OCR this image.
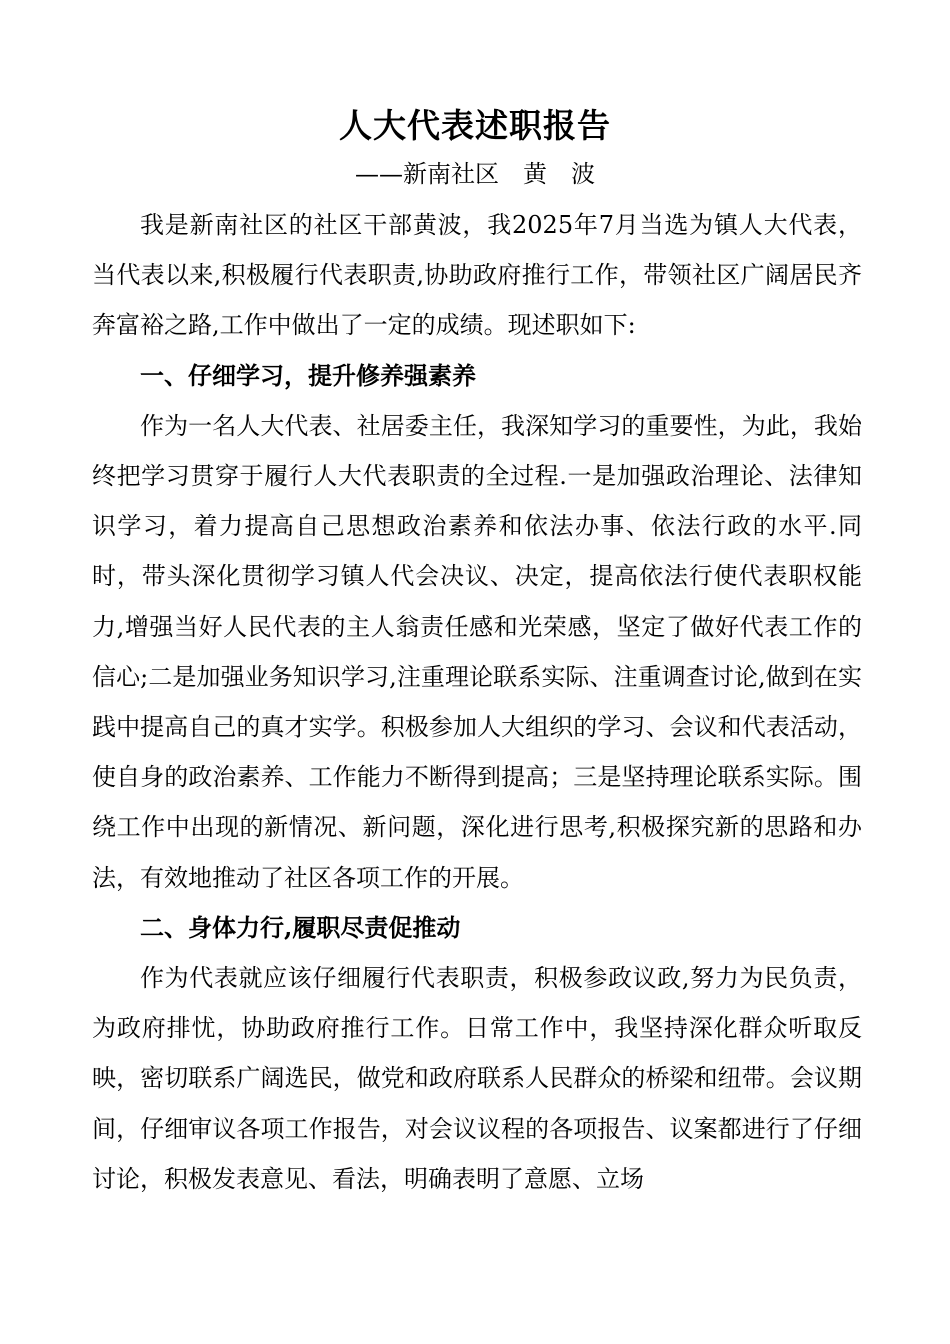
人大代表述职报告
——新南社区　黄　波

我是新南社区的社区干部黄波，我2025年7月当选为镇人大代表，当代表以来,积极履行代表职责,协助政府推行工作，带领社区广阔居民齐奔富裕之路,工作中做出了一定的成绩。现述职如下:

一、仔细学习，提升修养强素养

作为一名人大代表、社居委主任，我深知学习的重要性，为此，我始终把学习贯穿于履行人大代表职责的全过程.一是加强政治理论、法律知识学习，着力提高自己思想政治素养和依法办事、依法行政的水平.同时，带头深化贯彻学习镇人代会决议、决定，提高依法行使代表职权能力,增强当好人民代表的主人翁责任感和光荣感，坚定了做好代表工作的信心;二是加强业务知识学习,注重理论联系实际、注重调查讨论,做到在实践中提高自己的真才实学。积极参加人大组织的学习、会议和代表活动，使自身的政治素养、工作能力不断得到提高；三是坚持理论联系实际。围绕工作中出现的新情况、新问题，深化进行思考,积极探究新的思路和办法，有效地推动了社区各项工作的开展。

二、身体力行,履职尽责促推动

作为代表就应该仔细履行代表职责，积极参政议政,努力为民负责，为政府排忧，协助政府推行工作。日常工作中，我坚持深化群众听取反映，密切联系广阔选民，做党和政府联系人民群众的桥梁和纽带。会议期间，仔细审议各项工作报告，对会议议程的各项报告、议案都进行了仔细讨论，积极发表意见、看法，明确表明了意愿、立场
